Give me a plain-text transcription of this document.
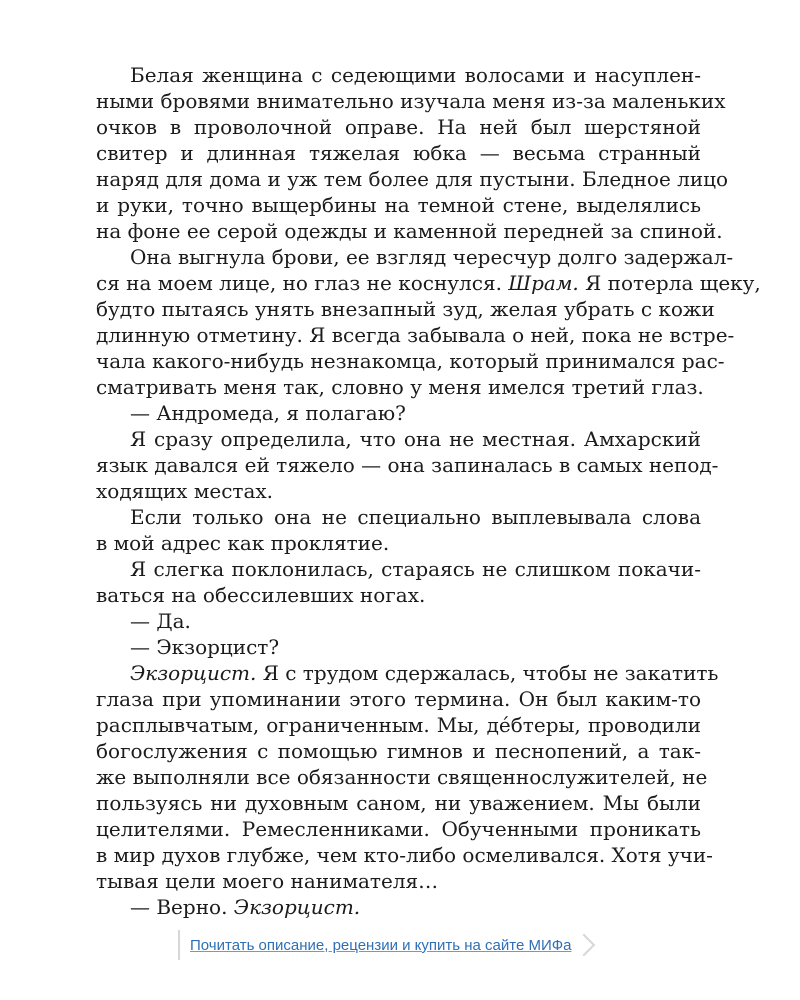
Белая женщина с седеющими волосами и насуплен-
ными бровями внимательно изучала меня из-за маленьких
очков в проволочной оправе. На ней был шерстяной
свитер и длинная тяжелая юбка — весьма странный
наряд для дома и уж тем более для пустыни. Бледное лицо
и руки, точно выщербины на темной стене, выделялись
на фоне ее серой одежды и каменной передней за спиной.
Она выгнула брови, ее взгляд чересчур долго задержал-
ся на моем лице, но глаз не коснулся. Шрам. Я потерла щеку,
будто пытаясь унять внезапный зуд, желая убрать с кожи
длинную отметину. Я всегда забывала о ней, пока не встре-
чала какого-нибудь незнакомца, который принимался рас-
сматривать меня так, словно у меня имелся третий глаз.
— Андромеда, я полагаю?
Я сразу определила, что она не местная. Амхарский
язык давался ей тяжело — она запиналась в самых непод-
ходящих местах.
Если только она не специально выплевывала слова
в мой адрес как проклятие.
Я слегка поклонилась, стараясь не слишком покачи-
ваться на обессилевших ногах.
— Да.
— Экзорцист?
Экзорцист. Я с трудом сдержалась, чтобы не закатить
глаза при упоминании этого термина. Он был каким-то
расплывчатым, ограниченным. Мы, дéбтеры, проводили
богослужения с помощью гимнов и песнопений, а так-
же выполняли все обязанности священнослужителей, не
пользуясь ни духовным саном, ни уважением. Мы были
целителями. Ремесленниками. Обученными проникать
в мир духов глубже, чем кто-либо осмеливался. Хотя учи-
тывая цели моего нанимателя…
— Верно. Экзорцист.
Почитать описание, рецензии и купить на сайте МИФа
